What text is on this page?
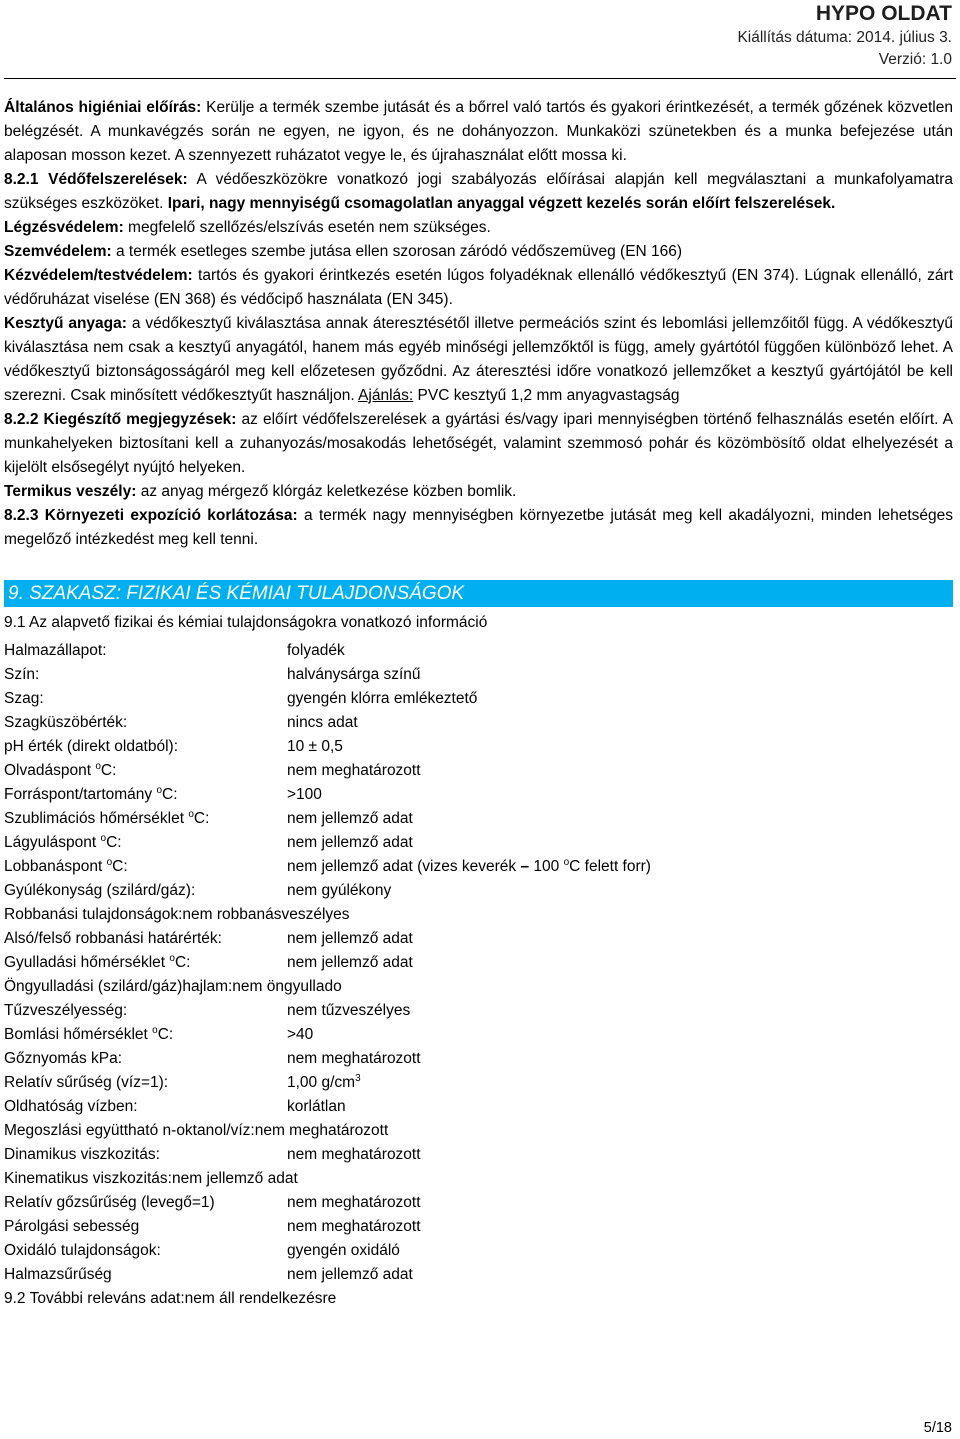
HYPO OLDAT
Kiállítás dátuma: 2014. július 3.
Verzió: 1.0

Általános higiéniai előírás: Kerülje a termék szembe jutását és a bőrrel való tartós és gyakori érintkezését, a termék gőzének közvetlen belégzését. A munkavégzés során ne egyen, ne igyon, és ne dohányozzon. Munkaközi szünetekben és a munka befejezése után alaposan mosson kezet. A szennyezett ruházatot vegye le, és újrahasználat előtt mossa ki.

8.2.1 Védőfelszerelések: A védőeszközökre vonatkozó jogi szabályozás előírásai alapján kell megválasztani a munkafolyamatra szükséges eszközöket. Ipari, nagy mennyiségű csomagolatlan anyaggal végzett kezelés során előírt felszerelések.

Légzésvédelem: megfelelő szellőzés/elszívás esetén nem szükséges.

Szemvédelem: a termék esetleges szembe jutása ellen szorosan záródó védőszemüveg (EN 166)

Kézvédelem/testvédelem: tartós és gyakori érintkezés esetén lúgos folyadéknak ellenálló védőkesztyű (EN 374). Lúgnak ellenálló, zárt védőruházat viselése (EN 368) és védőcipő használata (EN 345).

Kesztyű anyaga: a védőkesztyű kiválasztása annak áteresztésétől illetve permeációs szint és lebomlási jellemzőitől függ. A védőkesztyű kiválasztása nem csak a kesztyű anyagától, hanem más egyéb minőségi jellemzőktől is függ, amely gyártótól függően különböző lehet. A védőkesztyű biztonságosságáról meg kell előzetesen győződni. Az áteresztési időre vonatkozó jellemzőket a kesztyű gyártójától be kell szerezni. Csak minősített védőkesztyűt használjon. Ajánlás: PVC kesztyű 1,2 mm anyagvastagság

8.2.2 Kiegészítő megjegyzések: az előírt védőfelszerelések a gyártási és/vagy ipari mennyiségben történő felhasználás esetén előírt. A munkahelyeken biztosítani kell a zuhanyozás/mosakodás lehetőségét, valamint szemmosó pohár és közömbösítő oldat elhelyezését a kijelölt elsősegélyt nyújtó helyeken.

Termikus veszély: az anyag mérgező klórgáz keletkezése közben bomlik.

8.2.3 Környezeti expozíció korlátozása: a termék nagy mennyiségben környezetbe jutását meg kell akadályozni, minden lehetséges megelőző intézkedést meg kell tenni.

9. SZAKASZ: FIZIKAI ÉS KÉMIAI TULAJDONSÁGOK

9.1 Az alapvető fizikai és kémiai tulajdonságokra vonatkozó információ

Halmazállapot:	folyadék
Szín:	halványsárga színű
Szag:	gyengén klórra emlékeztető
Szagküszöbérték:	nincs adat
pH érték (direkt oldatból):	10 ± 0,5
Olvadáspont $^o$C:	nem meghatározott
Forráspont/tartomány $^o$C:	>100
Szublimációs hőmérséklet $^o$C:	nem jellemző adat
Lágyuláspont $^o$C:	nem jellemző adat
Lobbanáspont $^o$C:	nem jellemző adat (vizes keverék – 100 $^o$C felett forr)
Gyúlékonyság (szilárd/gáz):	nem gyúlékony
Robbanási tulajdonságok:nem robbanásveszélyes
Alsó/felső robbanási határérték:	nem jellemző adat
Gyulladási hőmérséklet $^o$C:	nem jellemző adat
Öngyulladási (szilárd/gáz)hajlam:nem öngyullado
Tűzveszélyesség:	nem tűzveszélyes
Bomlási hőmérséklet $^o$C:	>40
Gőznyomás kPa:	nem meghatározott
Relatív sűrűség (víz=1):	1,00 $g/cm^3$
Oldhatóság vízben:	korlátlan
Megoszlási együttható n-oktanol/víz:nem meghatározott
Dinamikus viszkozitás:	nem meghatározott
Kinematikus viszkozitás:nem jellemző adat
Relatív gőzsűrűség (levegő=1)	nem meghatározott
Párolgási sebesség	nem meghatározott
Oxidáló tulajdonságok:	gyengén oxidáló
Halmazsűrűség	nem jellemző adat

9.2 További releváns adat:nem áll rendelkezésre

5/18
